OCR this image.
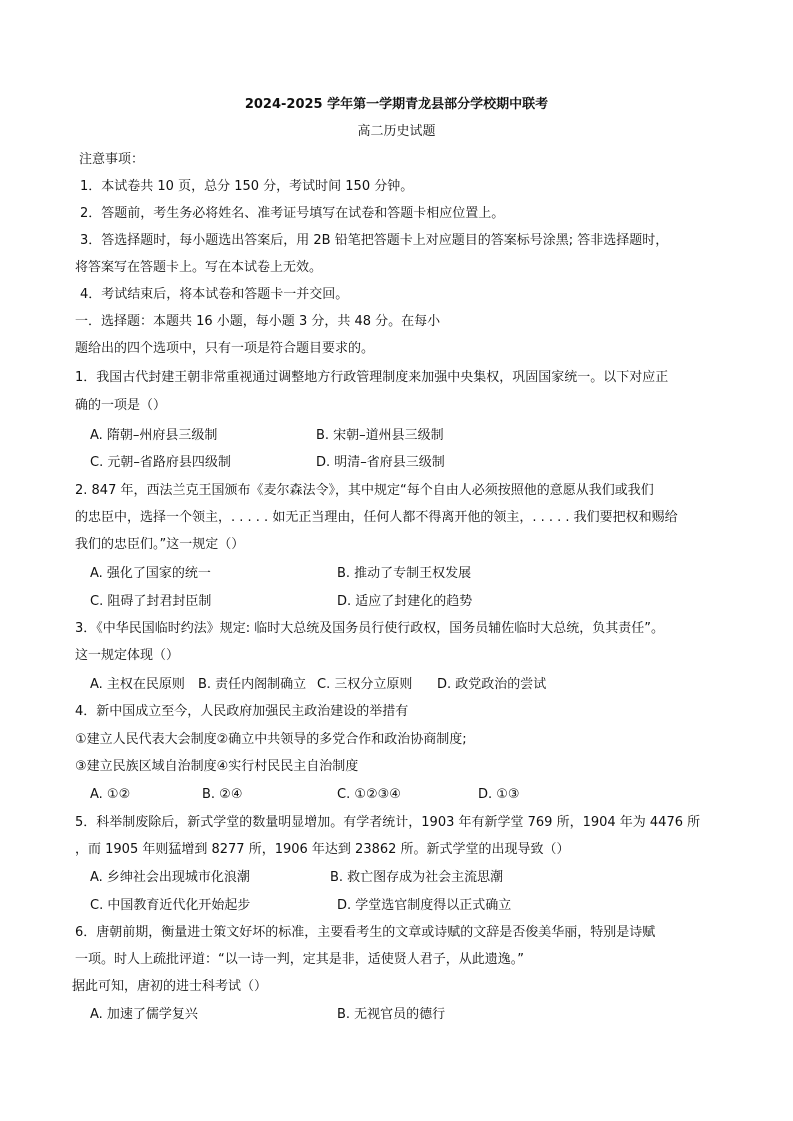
2024-2025 学年第一学期青龙县部分学校期中联考
高二历史试题
注意事项：
1．本试卷共 10 页，总分 150 分，考试时间 150 分钟。
2．答题前，考生务必将姓名、准考证号填写在试卷和答题卡相应位置上。
3．答选择题时，每小题选出答案后，用 2B 铅笔把答题卡上对应题目的答案标号涂黑; 答非选择题时，
将答案写在答题卡上。写在本试卷上无效。
4．考试结束后，将本试卷和答题卡一并交回。
一．选择题：本题共 16 小题，每小题 3 分，共 48 分。在每小
题给出的四个选项中，只有一项是符合题目要求的。
1．我国古代封建王朝非常重视通过调整地方行政管理制度来加强中央集权，巩固国家统一。以下对应正
确的一项是（）
A. 隋朝–州府县三级制	B. 宋朝–道州县三级制
C. 元朝–省路府县四级制	D. 明清–省府县三级制
2. 847 年，西法兰克王国颁布《麦尔森法令》，其中规定“每个自由人必须按照他的意愿从我们或我们
的忠臣中，选择一个领主，. . . . . 如无正当理由，任何人都不得离开他的领主，. . . . . 我们要把权和赐给
我们的忠臣们。”这一规定（）
A. 强化了国家的统一	B. 推动了专制王权发展
C. 阻碍了封君封臣制	D. 适应了封建化的趋势
3．《中华民国临时约法》规定: 临时大总统及国务员行使行政权，国务员辅佐临时大总统，负其责任”。
这一规定体现（）
A. 主权在民原则 B. 责任内阁制确立 C. 三权分立原则 D. 政党政治的尝试
4．新中国成立至今，人民政府加强民主政治建设的举措有
①建立人民代表大会制度②确立中共领导的多党合作和政治协商制度;
③建立民族区域自治制度④实行村民民主自治制度
A. ①②	B. ②④	C. ①②③④	D. ①③
5．科举制废除后，新式学堂的数量明显增加。有学者统计，1903 年有新学堂 769 所，1904 年为 4476 所
，而 1905 年则猛增到 8277 所，1906 年达到 23862 所。新式学堂的出现导致（）
A. 乡绅社会出现城市化浪潮	B. 救亡图存成为社会主流思潮
C. 中国教育近代化开始起步	D. 学堂选官制度得以正式确立
6．唐朝前期，衡量进士策文好坏的标准，主要看考生的文章或诗赋的文辞是否俊美华丽，特别是诗赋
一项。时人上疏批评道：“以一诗一判，定其是非，适使贤人君子，从此遗逸。”
据此可知，唐初的进士科考试（）
A. 加速了儒学复兴	B. 无视官员的德行
